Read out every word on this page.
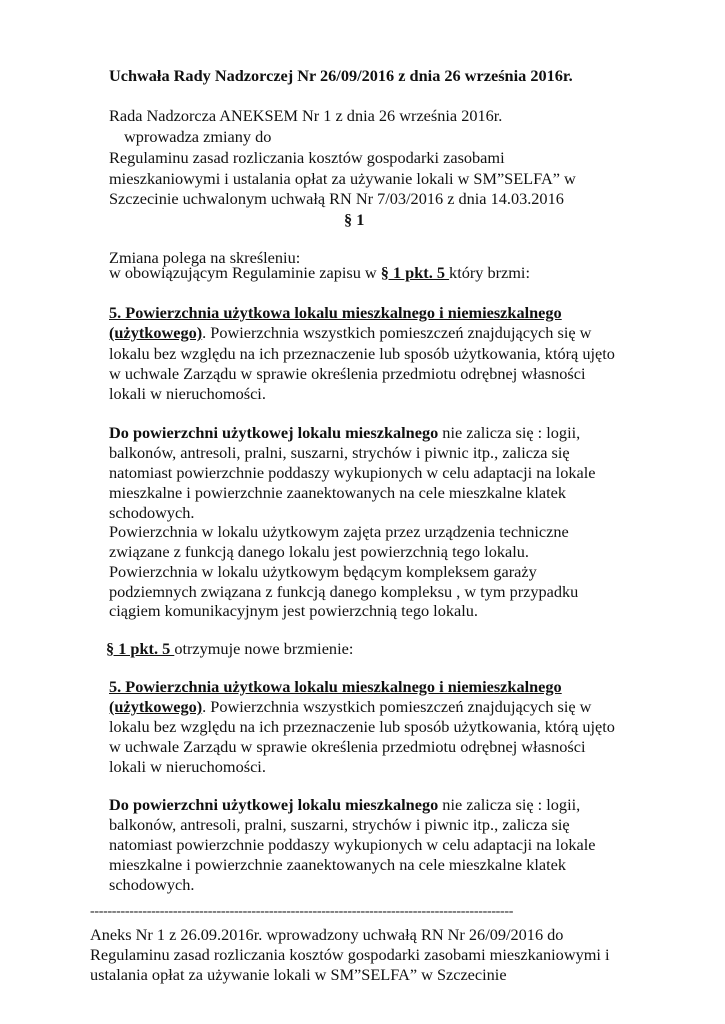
Uchwała Rady Nadzorczej Nr 26/09/2016 z dnia 26 września 2016r.
Rada Nadzorcza ANEKSEM Nr 1 z dnia 26 września 2016r.
wprowadza zmiany do
Regulaminu zasad rozliczania kosztów gospodarki zasobami
mieszkaniowymi i ustalania opłat za używanie lokali w SM”SELFA” w
Szczecinie uchwalonym uchwałą RN Nr 7/03/2016 z dnia 14.03.2016
§ 1
Zmiana polega na skreśleniu:
w obowiązującym Regulaminie zapisu w § 1 pkt. 5 który brzmi:
5. Powierzchnia użytkowa lokalu mieszkalnego i niemieszkalnego
(użytkowego). Powierzchnia wszystkich pomieszczeń znajdujących się w
lokalu bez względu na ich przeznaczenie lub sposób użytkowania, którą ujęto
w uchwale Zarządu w sprawie określenia przedmiotu odrębnej własności
lokali w nieruchomości.
Do powierzchni użytkowej lokalu mieszkalnego nie zalicza się : logii,
balkonów, antresoli, pralni, suszarni, strychów i piwnic itp., zalicza się
natomiast powierzchnie poddaszy wykupionych w celu adaptacji na lokale
mieszkalne i powierzchnie zaanektowanych na cele mieszkalne klatek
schodowych.
Powierzchnia w lokalu użytkowym zajęta przez urządzenia techniczne
związane z funkcją danego lokalu jest powierzchnią tego lokalu.
Powierzchnia w lokalu użytkowym będącym kompleksem garaży
podziemnych związana z funkcją danego kompleksu , w tym przypadku
ciągiem komunikacyjnym jest powierzchnią tego lokalu.
§ 1 pkt. 5 otrzymuje nowe brzmienie:
5. Powierzchnia użytkowa lokalu mieszkalnego i niemieszkalnego
(użytkowego). Powierzchnia wszystkich pomieszczeń znajdujących się w
lokalu bez względu na ich przeznaczenie lub sposób użytkowania, którą ujęto
w uchwale Zarządu w sprawie określenia przedmiotu odrębnej własności
lokali w nieruchomości.
Do powierzchni użytkowej lokalu mieszkalnego nie zalicza się : logii,
balkonów, antresoli, pralni, suszarni, strychów i piwnic itp., zalicza się
natomiast powierzchnie poddaszy wykupionych w celu adaptacji na lokale
mieszkalne i powierzchnie zaanektowanych na cele mieszkalne klatek
schodowych.
-------------------------------------------------------------------------------------------------
Aneks Nr 1 z 26.09.2016r. wprowadzony uchwałą RN Nr 26/09/2016 do
Regulaminu zasad rozliczania kosztów gospodarki zasobami mieszkaniowymi i
ustalania opłat za używanie lokali w SM”SELFA” w Szczecinie
